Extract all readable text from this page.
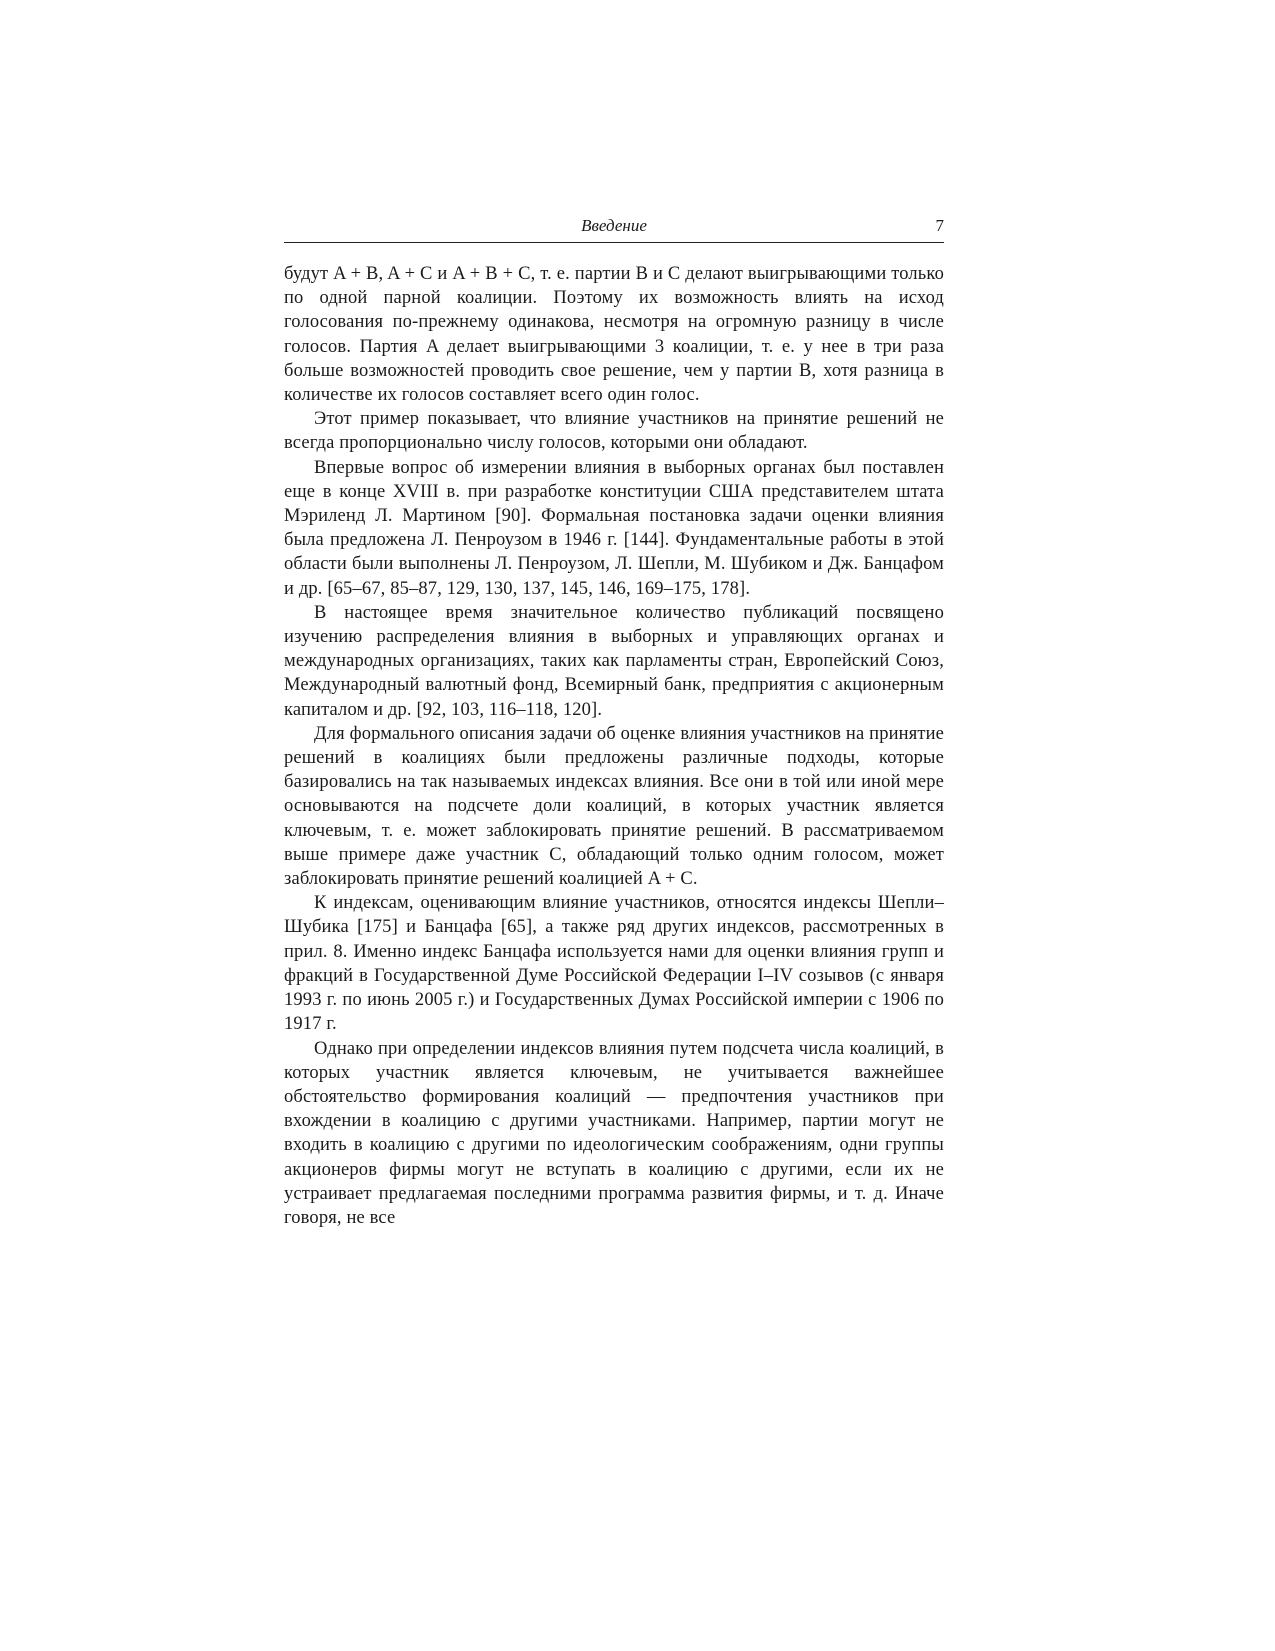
Введение	7

будут A + B, A + C и A + B + C, т. е. партии B и C делают выигрывающими только по одной парной коалиции. Поэтому их возможность влиять на исход голосования по-прежнему одинакова, несмотря на огромную разницу в числе голосов. Партия A делает выигрывающими 3 коалиции, т. е. у нее в три раза больше возможностей проводить свое решение, чем у партии B, хотя разница в количестве их голосов составляет всего один голос.

Этот пример показывает, что влияние участников на принятие решений не всегда пропорционально числу голосов, которыми они обладают.

Впервые вопрос об измерении влияния в выборных органах был поставлен еще в конце XVIII в. при разработке конституции США представителем штата Мэриленд Л. Мартином [90]. Формальная постановка задачи оценки влияния была предложена Л. Пенроузом в 1946 г. [144]. Фундаментальные работы в этой области были выполнены Л. Пенроузом, Л. Шепли, М. Шубиком и Дж. Банцафом и др. [65–67, 85–87, 129, 130, 137, 145, 146, 169–175, 178].

В настоящее время значительное количество публикаций посвящено изучению распределения влияния в выборных и управляющих органах и международных организациях, таких как парламенты стран, Европейский Союз, Международный валютный фонд, Всемирный банк, предприятия с акционерным капиталом и др. [92, 103, 116–118, 120].

Для формального описания задачи об оценке влияния участников на принятие решений в коалициях были предложены различные подходы, которые базировались на так называемых индексах влияния. Все они в той или иной мере основываются на подсчете доли коалиций, в которых участник является ключевым, т. е. может заблокировать принятие решений. В рассматриваемом выше примере даже участник C, обладающий только одним голосом, может заблокировать принятие решений коалицией A + C.

К индексам, оценивающим влияние участников, относятся индексы Шепли–Шубика [175] и Банцафа [65], а также ряд других индексов, рассмотренных в прил. 8. Именно индекс Банцафа используется нами для оценки влияния групп и фракций в Государственной Думе Российской Федерации I–IV созывов (с января 1993 г. по июнь 2005 г.) и Государственных Думах Российской империи с 1906 по 1917 г.

Однако при определении индексов влияния путем подсчета числа коалиций, в которых участник является ключевым, не учитывается важнейшее обстоятельство формирования коалиций — предпочтения участников при вхождении в коалицию с другими участниками. Например, партии могут не входить в коалицию с другими по идеологическим соображениям, одни группы акционеров фирмы могут не вступать в коалицию с другими, если их не устраивает предлагаемая последними программа развития фирмы, и т. д. Иначе говоря, не все
